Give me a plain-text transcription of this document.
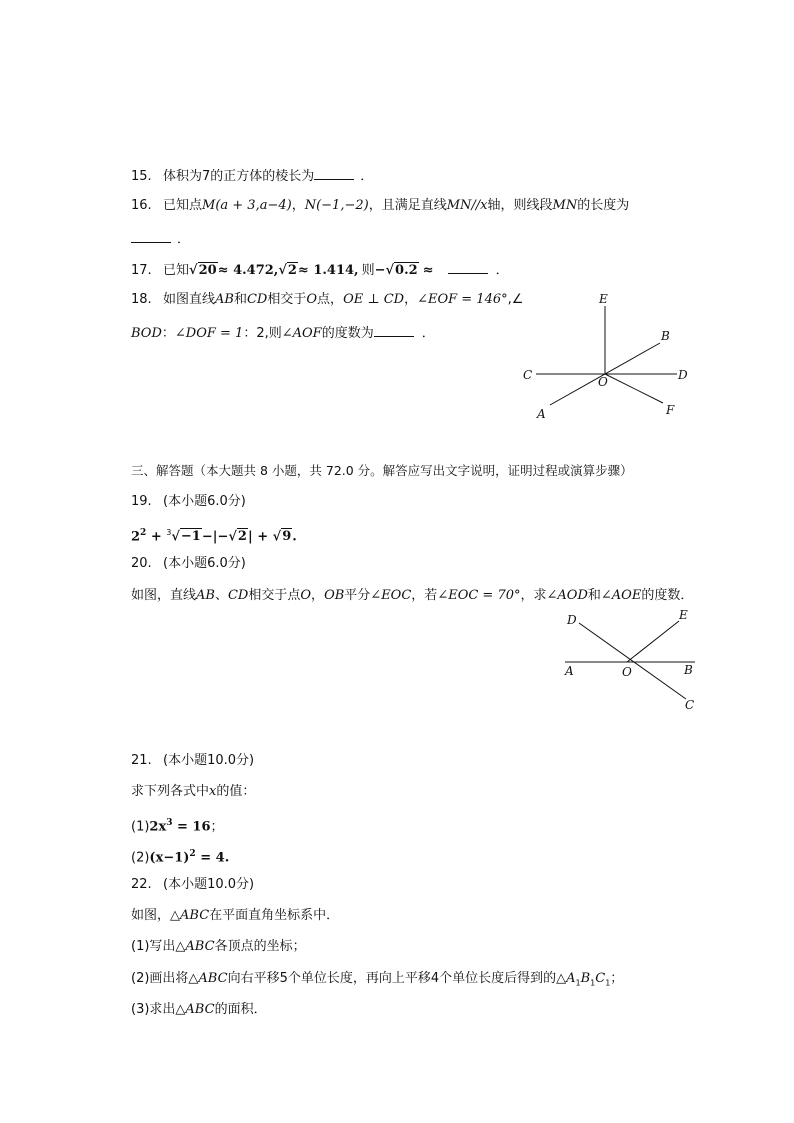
15. 体积为7的正方体的棱长为	．
16. 已知点M(a + 3,a−4)，N(−1,−2)，且满足直线MN//x轴，则线段MN的长度为
．
17. 已知√20≈ 4.472,√2≈ 1.414, 则−√0.2 ≈	．
18. 如图直线AB和CD相交于O点，OE ⊥ CD，∠EOF = 146°,∠
BOD：∠DOF = 1：2,则∠AOF的度数为	．
E
B
C	O	D
A	F
三、解答题（本大题共 8 小题，共 72.0 分。解答应写出文字说明，证明过程或演算步骤）
19. (本小题6.0分)
$2^2 + ^3√-1-|-√2| + √9$.
20. (本小题6.0分)
如图，直线AB、CD相交于点O，OB平分∠EOC，若∠EOC = 70°，求∠AOD和∠AOE的度数．
D	E
A	O	B
C
21. (本小题10.0分)
求下列各式中x的值：
$(1)2x^3 = 16$；
$(2)(x-1)^2 = 4$.
22. (本小题10.0分)
如图，△ABC在平面直角坐标系中．
(1)写出△ABC各顶点的坐标；
(2)画出将△ABC向右平移5个单位长度，再向上平移4个单位长度后得到的$\triangle A_1B_1C_1$；
(3)求出△ABC的面积．
